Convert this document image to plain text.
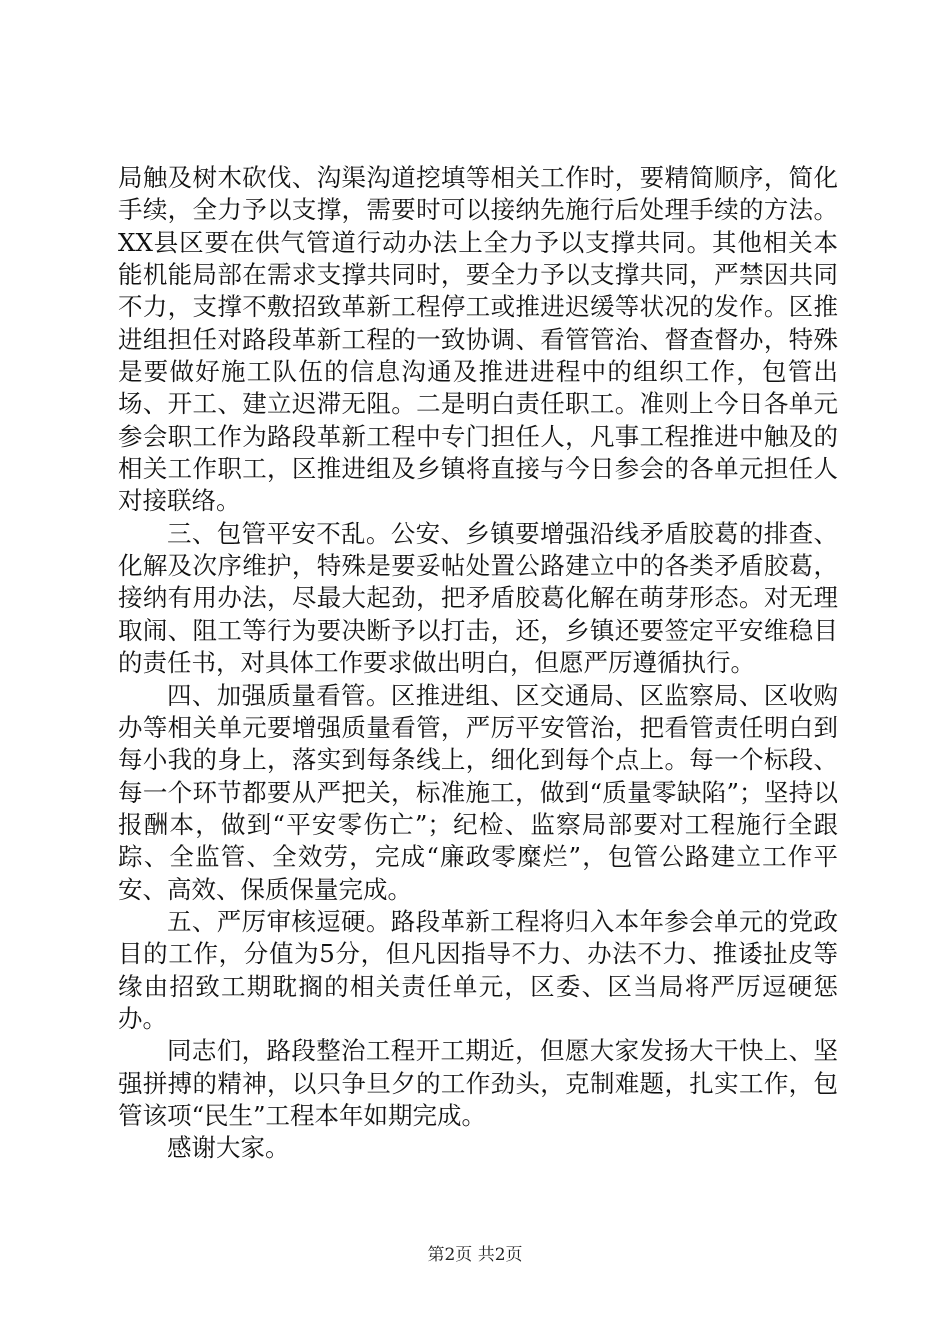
局触及树木砍伐、沟渠沟道挖填等相关工作时，要精简顺序，简化手续，全力予以支撑，需要时可以接纳先施行后处理手续的方法。XX县区要在供气管道行动办法上全力予以支撑共同。其他相关本能机能局部在需求支撑共同时，要全力予以支撑共同，严禁因共同不力，支撑不敷招致革新工程停工或推进迟缓等状况的发作。区推进组担任对路段革新工程的一致协调、看管管治、督查督办，特殊是要做好施工队伍的信息沟通及推进进程中的组织工作，包管出场、开工、建立迟滞无阻。二是明白责任职工。准则上今日各单元参会职工作为路段革新工程中专门担任人，凡事工程推进中触及的相关工作职工，区推进组及乡镇将直接与今日参会的各单元担任人对接联络。

三、包管平安不乱。公安、乡镇要增强沿线矛盾胶葛的排查、化解及次序维护，特殊是要妥帖处置公路建立中的各类矛盾胶葛，接纳有用办法，尽最大起劲，把矛盾胶葛化解在萌芽形态。对无理取闹、阻工等行为要决断予以打击，还，乡镇还要签定平安维稳目的责任书，对具体工作要求做出明白，但愿严厉遵循执行。

四、加强质量看管。区推进组、区交通局、区监察局、区收购办等相关单元要增强质量看管，严厉平安管治，把看管责任明白到每小我的身上，落实到每条线上，细化到每个点上。每一个标段、每一个环节都要从严把关，标准施工，做到“质量零缺陷”；坚持以报酬本，做到“平安零伤亡”；纪检、监察局部要对工程施行全跟踪、全监管、全效劳，完成“廉政零糜烂”，包管公路建立工作平安、高效、保质保量完成。

五、严厉审核逗硬。路段革新工程将归入本年参会单元的党政目的工作，分值为5分，但凡因指导不力、办法不力、推诿扯皮等缘由招致工期耽搁的相关责任单元，区委、区当局将严厉逗硬惩办。

同志们，路段整治工程开工期近，但愿大家发扬大干快上、坚强拼搏的精神，以只争旦夕的工作劲头，克制难题，扎实工作，包管该项“民生”工程本年如期完成。

感谢大家。

第2页 共2页
